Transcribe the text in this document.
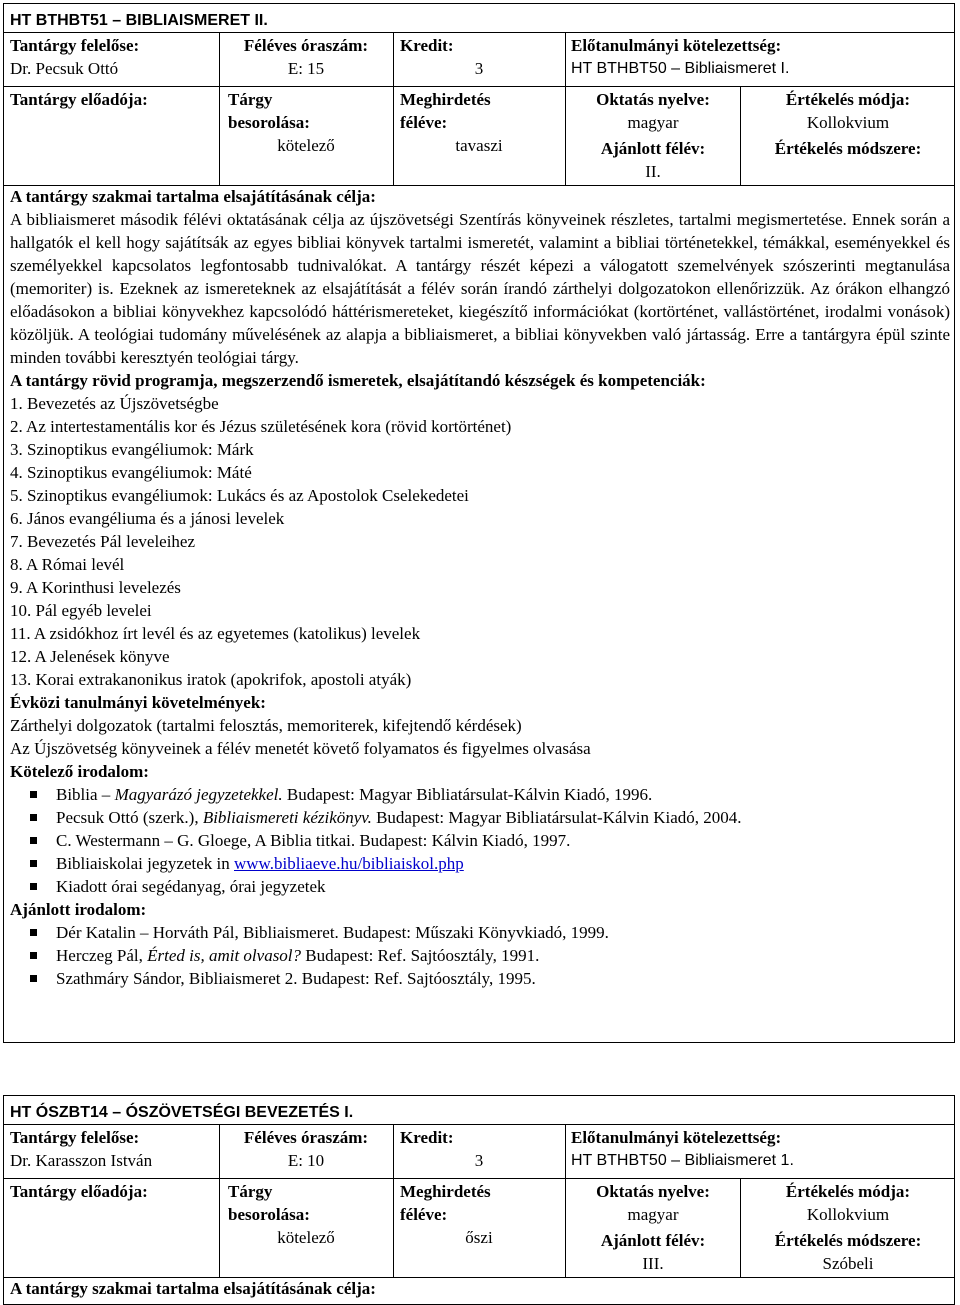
HT BTHBT51 – BIBLIAISMERET II.
Tantárgy felelőse:
Dr. Pecsuk Ottó
Féléves óraszám:
E: 15
Kredit:
3
Előtanulmányi kötelezettség:
HT BTHBT50 – Bibliaismeret I.
Tantárgy előadója:	Tárgy
besorolása:
kötelező
Meghirdetés
féléve:
tavaszi
Oktatás nyelve:
magyar
Ajánlott félév:
II.
Értékelés módja:
Kollokvium
Értékelés módszere:
A tantárgy szakmai tartalma elsajátításának célja:
A bibliaismeret második félévi oktatásának célja az újszövetségi Szentírás könyveinek részletes, tartalmi megismertetése. Ennek során a hallgatók el kell hogy sajátítsák az egyes bibliai könyvek tartalmi ismeretét, valamint a bibliai történetekkel, témákkal, eseményekkel és személyekkel kapcsolatos legfontosabb tudnivalókat. A tantárgy részét képezi a válogatott szemelvények szószerinti megtanulása (memoriter) is. Ezeknek az ismereteknek az elsajátítását a félév során írandó zárthelyi dolgozatokon ellenőrizzük. Az órákon elhangzó előadásokon a bibliai könyvekhez kapcsolódó háttérismereteket, kiegészítő információkat (kortörténet, vallástörténet, irodalmi vonások) közöljük. A teológiai tudomány művelésének az alapja a bibliaismeret, a bibliai könyvekben való jártasság. Erre a tantárgyra épül szinte minden további keresztyén teológiai tárgy.
A tantárgy rövid programja, megszerzendő ismeretek, elsajátítandó készségek és kompetenciák:
1. Bevezetés az Újszövetségbe
2. Az intertestamentális kor és Jézus születésének kora (rövid kortörténet)
3. Szinoptikus evangéliumok: Márk
4. Szinoptikus evangéliumok: Máté
5. Szinoptikus evangéliumok: Lukács és az Apostolok Cselekedetei
6. János evangéliuma és a jánosi levelek
7. Bevezetés Pál leveleihez
8. A Római levél
9. A Korinthusi levelezés
10. Pál egyéb levelei
11. A zsidókhoz írt levél és az egyetemes (katolikus) levelek
12. A Jelenések könyve
13. Korai extrakanonikus iratok (apokrifok, apostoli atyák)
Évközi tanulmányi követelmények:
Zárthelyi dolgozatok (tartalmi felosztás, memoriterek, kifejtendő kérdések)
Az Újszövetség könyveinek a félév menetét követő folyamatos és figyelmes olvasása
Kötelező irodalom:
Biblia – Magyarázó jegyzetekkel. Budapest: Magyar Bibliatársulat-Kálvin Kiadó, 1996.
Pecsuk Ottó (szerk.), Bibliaismereti kézikönyv. Budapest: Magyar Bibliatársulat-Kálvin Kiadó, 2004.
C. Westermann – G. Gloege, A Biblia titkai. Budapest: Kálvin Kiadó, 1997.
Bibliaiskolai jegyzetek in www.bibliaeve.hu/bibliaiskol.php
Kiadott órai segédanyag, órai jegyzetek
Ajánlott irodalom:
Dér Katalin – Horváth Pál, Bibliaismeret. Budapest: Műszaki Könyvkiadó, 1999.
Herczeg Pál, Érted is, amit olvasol? Budapest: Ref. Sajtóosztály, 1991.
Szathmáry Sándor, Bibliaismeret 2. Budapest: Ref. Sajtóosztály, 1995.
HT ÓSZBT14 – ÓSZÖVETSÉGI BEVEZETÉS I.
Tantárgy felelőse:
Dr. Karasszon István
Féléves óraszám:
E: 10
Kredit:
3
Előtanulmányi kötelezettség:
HT BTHBT50 – Bibliaismeret 1.
Tantárgy előadója:	Tárgy
besorolása:
kötelező
Meghirdetés
féléve:
őszi
Oktatás nyelve:
magyar
Ajánlott félév:
III.
Értékelés módja:
Kollokvium
Értékelés módszere:
Szóbeli
A tantárgy szakmai tartalma elsajátításának célja:
